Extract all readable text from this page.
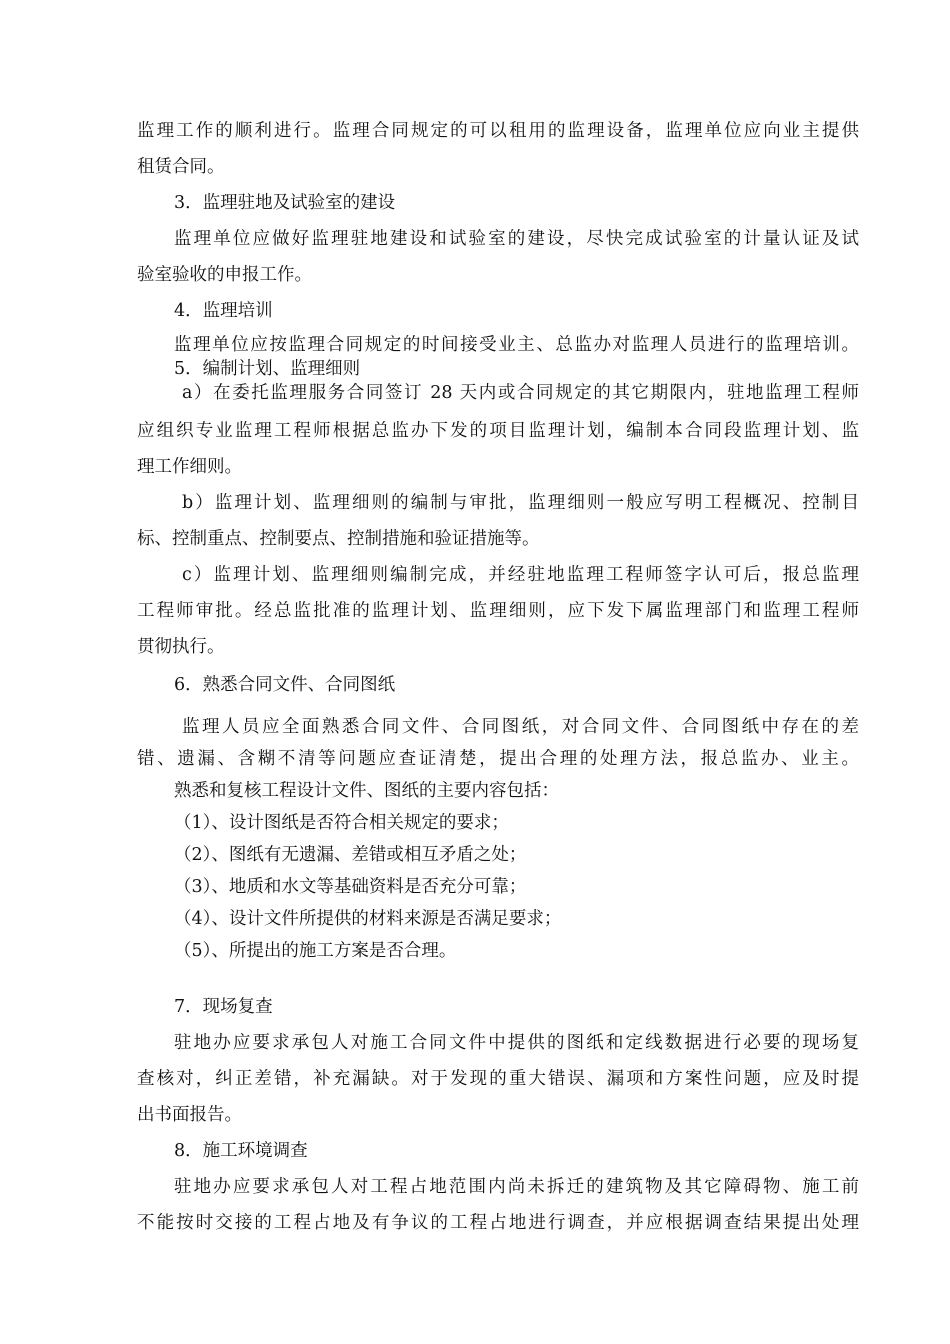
监理工作的顺利进行。监理合同规定的可以租用的监理设备，监理单位应向业主提供
租赁合同。
3．监理驻地及试验室的建设
监理单位应做好监理驻地建设和试验室的建设，尽快完成试验室的计量认证及试
验室验收的申报工作。
4．监理培训
监理单位应按监理合同规定的时间接受业主、总监办对监理人员进行的监理培训。
5．编制计划、监理细则
a）在委托监理服务合同签订 28 天内或合同规定的其它期限内，驻地监理工程师
应组织专业监理工程师根据总监办下发的项目监理计划，编制本合同段监理计划、监
理工作细则。
b）监理计划、监理细则的编制与审批，监理细则一般应写明工程概况、控制目
标、控制重点、控制要点、控制措施和验证措施等。
c）监理计划、监理细则编制完成，并经驻地监理工程师签字认可后，报总监理
工程师审批。经总监批准的监理计划、监理细则，应下发下属监理部门和监理工程师
贯彻执行。
6．熟悉合同文件、合同图纸
监理人员应全面熟悉合同文件、合同图纸，对合同文件、合同图纸中存在的差
错、遗漏、含糊不清等问题应查证清楚，提出合理的处理方法，报总监办、业主。
熟悉和复核工程设计文件、图纸的主要内容包括：
（1）、设计图纸是否符合相关规定的要求；
（2）、图纸有无遗漏、差错或相互矛盾之处；
（3）、地质和水文等基础资料是否充分可靠；
（4）、设计文件所提供的材料来源是否满足要求；
（5）、所提出的施工方案是否合理。
7．现场复查
驻地办应要求承包人对施工合同文件中提供的图纸和定线数据进行必要的现场复
查核对，纠正差错，补充漏缺。对于发现的重大错误、漏项和方案性问题，应及时提
出书面报告。
8．施工环境调查
驻地办应要求承包人对工程占地范围内尚未拆迁的建筑物及其它障碍物、施工前
不能按时交接的工程占地及有争议的工程占地进行调查，并应根据调查结果提出处理
